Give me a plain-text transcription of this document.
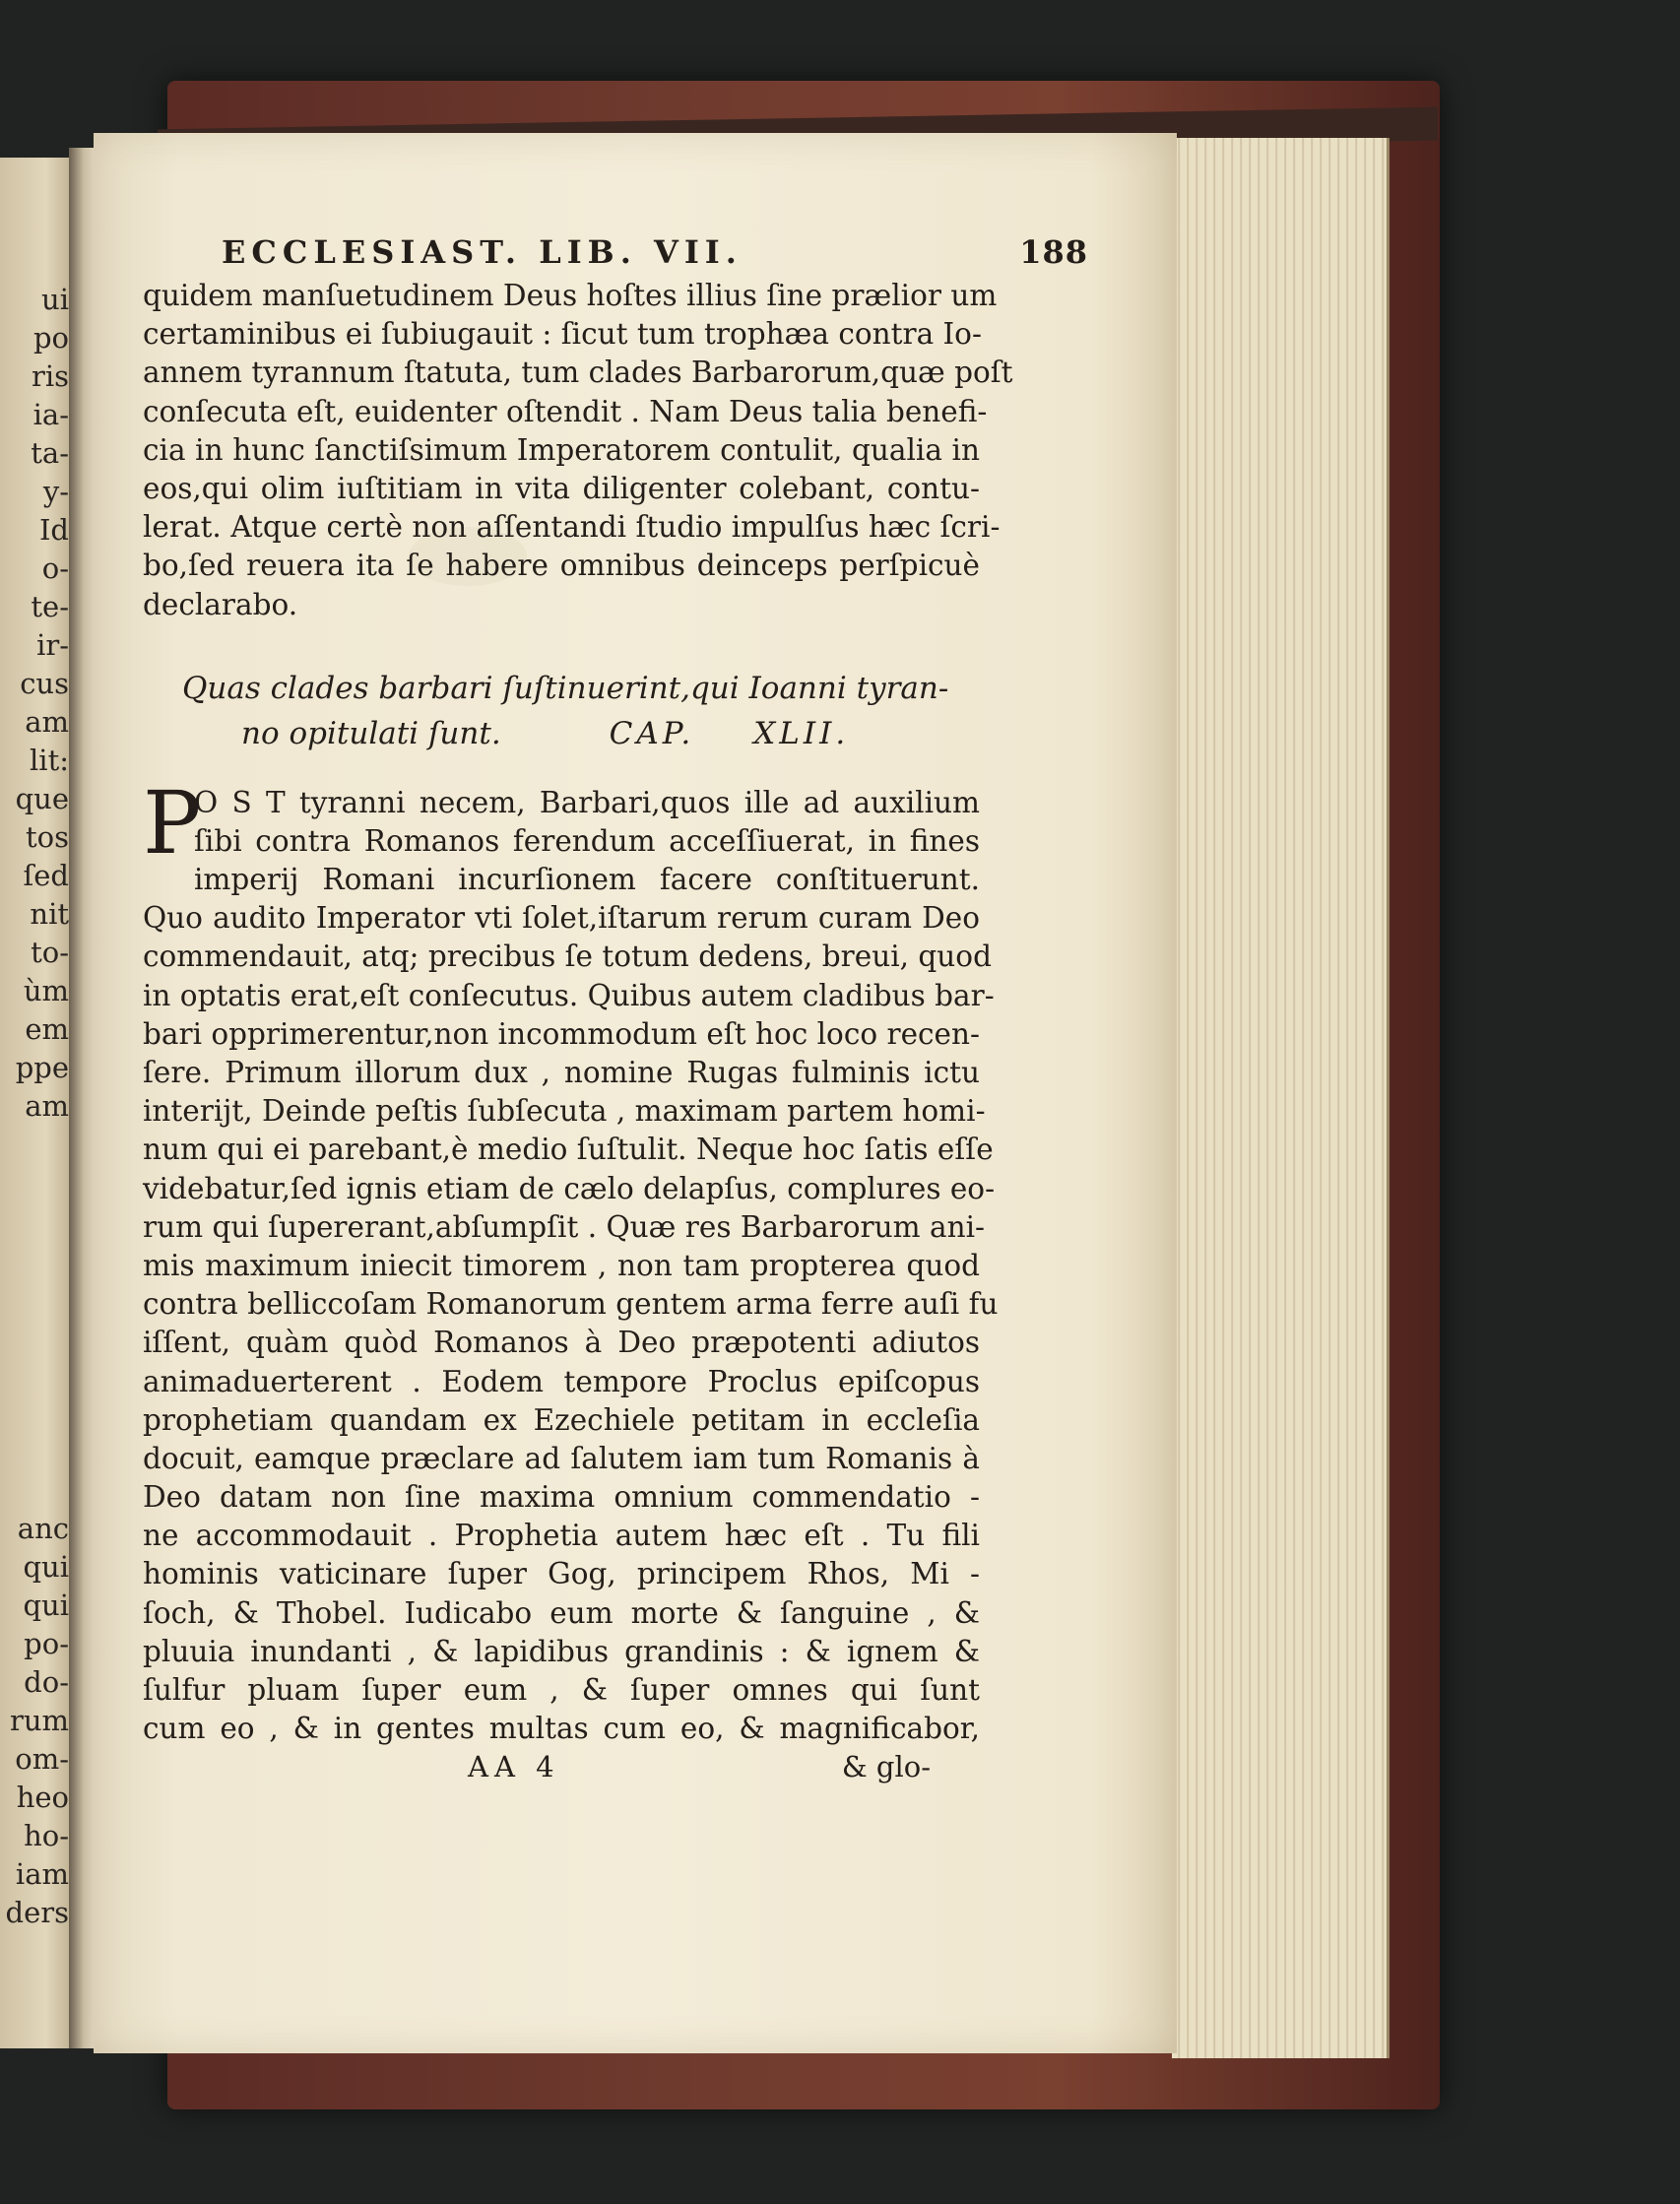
ui
po
ris
ia-
ta-
y-
Id
o-
te-
ir-
cus
am
lit:
que
tos
ſed
nit
to-
ùm
em
ppe
am
anc
qui
qui
po-
do-
rum
om-
heo
ho-
iam
ders
ECCLESIAST. LIB. VII.	188
quidem manſuetudinem Deus hoſtes illius ſine prælior um
certaminibus ei ſubiugauit : ſicut tum trophæa contra Io-
annem tyrannum ſtatuta, tum clades Barbarorum,quæ poſt
conſecuta eſt, euidenter oſtendit . Nam Deus talia benefi-
cia in hunc ſanctiſsimum Imperatorem contulit, qualia in
eos,qui olim iuſtitiam in vita diligenter colebant, contu-
lerat. Atque certè non aſſentandi ſtudio impulſus hæc ſcri-
bo,ſed reuera ita ſe habere omnibus deinceps perſpicuè
declarabo.
Quas clades barbari ſuſtinuerint,qui Ioanni tyran-
no opitulati ſunt.	CAP. XLII.
P
O S T tyranni necem, Barbari,quos ille ad auxilium
ſibi contra Romanos ferendum acceſſiuerat, in fines
imperij Romani incurſionem facere conſtituerunt.
Quo audito Imperator vti ſolet,iſtarum rerum curam Deo
commendauit, atq; precibus ſe totum dedens, breui, quod
in optatis erat,eſt conſecutus. Quibus autem cladibus bar-
bari opprimerentur,non incommodum eſt hoc loco recen-
ſere. Primum illorum dux , nomine Rugas fulminis ictu
interijt, Deinde peſtis ſubſecuta , maximam partem homi-
num qui ei parebant,è medio ſuſtulit. Neque hoc ſatis eſſe
videbatur,ſed ignis etiam de cælo delapſus, complures eo-
rum qui ſupererant,abſumpſit . Quæ res Barbarorum ani-
mis maximum iniecit timorem , non tam propterea quod
contra belliccoſam Romanorum gentem arma ferre auſi fu
iſſent, quàm quòd Romanos à Deo præpotenti adiutos
animaduerterent . Eodem tempore Proclus epiſcopus
prophetiam quandam ex Ezechiele petitam in eccleſia
docuit, eamque præclare ad ſalutem iam tum Romanis à
Deo datam non ſine maxima omnium commendatio -
ne accommodauit . Prophetia autem hæc eſt . Tu fili
hominis vaticinare ſuper Gog, principem Rhos, Mi -
ſoch, & Thobel. Iudicabo eum morte & ſanguine , &
pluuia inundanti , & lapidibus grandinis : & ignem &
ſulfur pluam ſuper eum , & ſuper omnes qui ſunt
cum eo , & in gentes multas cum eo, & magnificabor,
AA 4	& glo-
